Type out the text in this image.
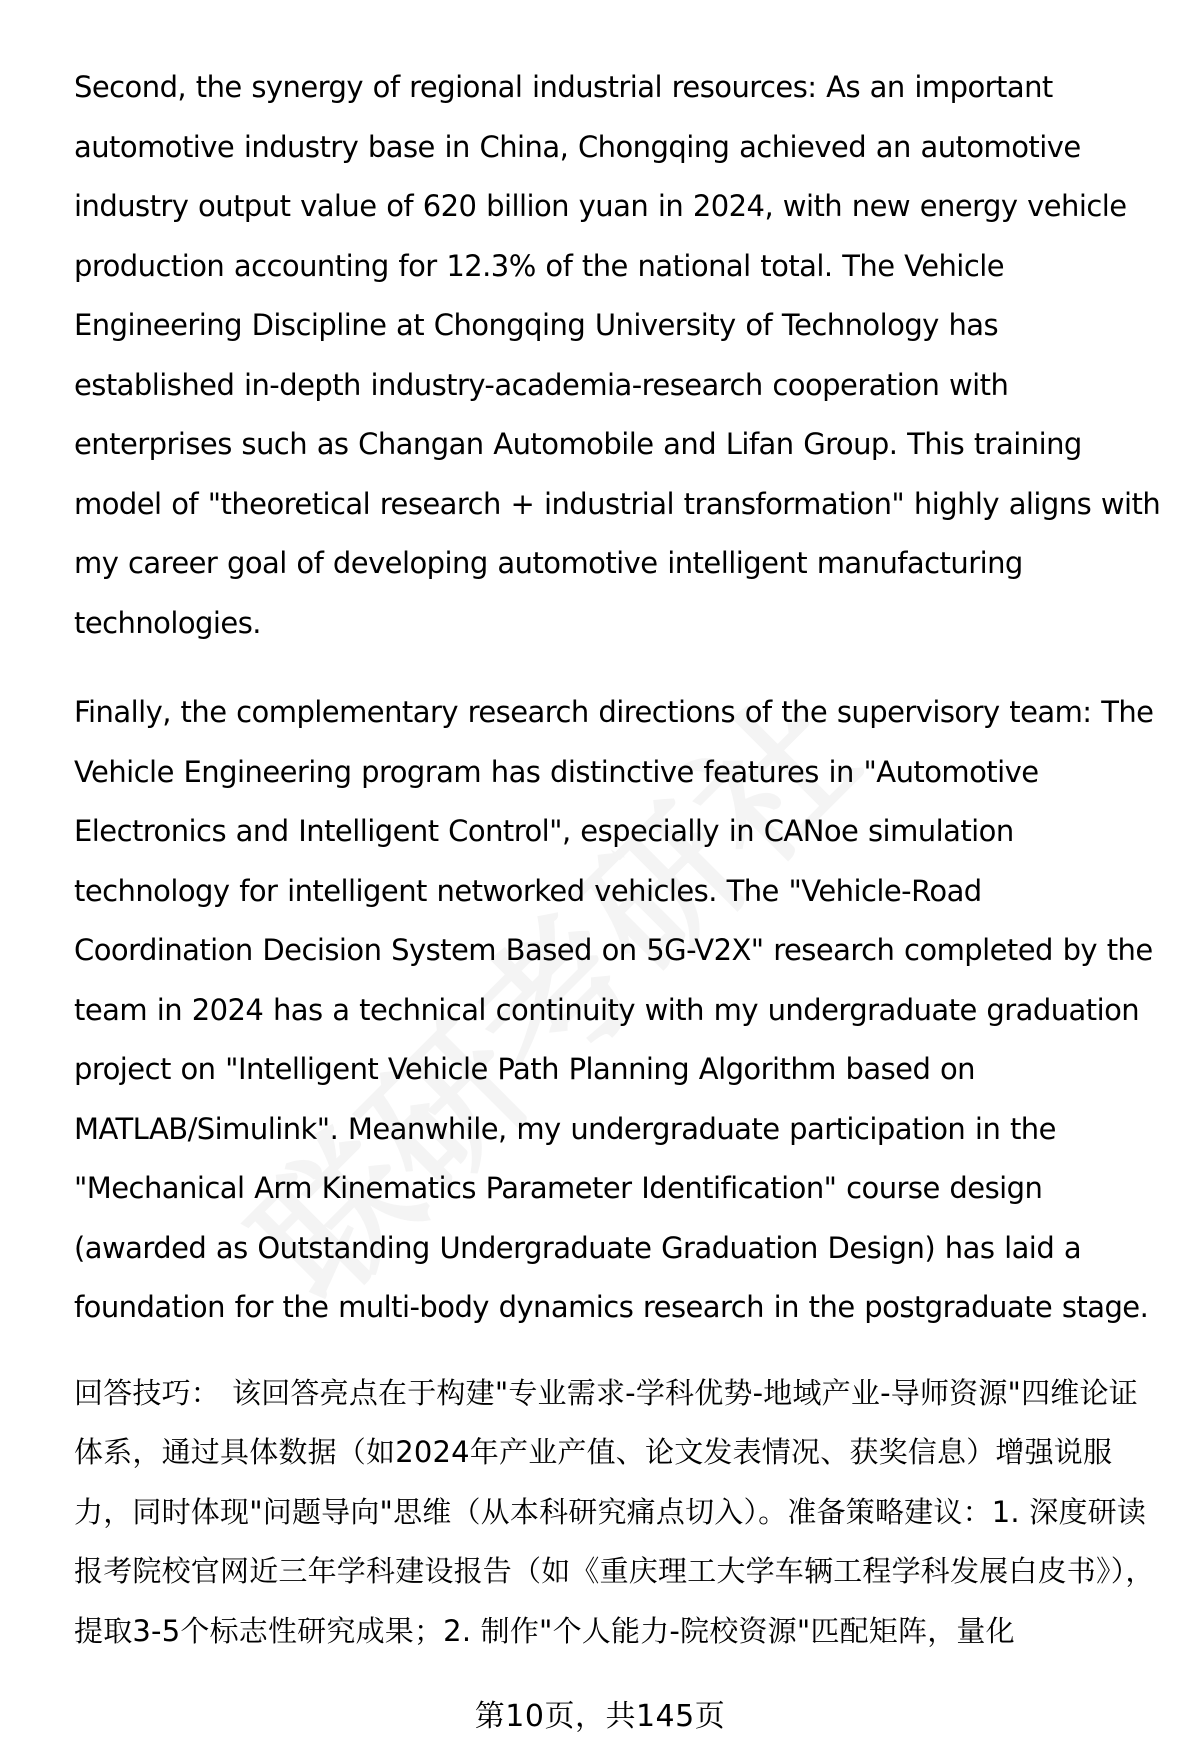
Second, the synergy of regional industrial resources: As an important automotive industry base in China, Chongqing achieved an automotive industry output value of 620 billion yuan in 2024, with new energy vehicle production accounting for 12.3% of the national total. The Vehicle Engineering Discipline at Chongqing University of Technology has established in-depth industry-academia-research cooperation with enterprises such as Changan Automobile and Lifan Group. This training model of "theoretical research + industrial transformation" highly aligns with my career goal of developing automotive intelligent manufacturing technologies.

Finally, the complementary research directions of the supervisory team: The Vehicle Engineering program has distinctive features in "Automotive Electronics and Intelligent Control", especially in CANoe simulation technology for intelligent networked vehicles. The "Vehicle-Road Coordination Decision System Based on 5G-V2X" research completed by the team in 2024 has a technical continuity with my undergraduate graduation project on "Intelligent Vehicle Path Planning Algorithm based on MATLAB/Simulink". Meanwhile, my undergraduate participation in the "Mechanical Arm Kinematics Parameter Identification" course design (awarded as Outstanding Undergraduate Graduation Design) has laid a foundation for the multi-body dynamics research in the postgraduate stage.

回答技巧： 该回答亮点在于构建"专业需求-学科优势-地域产业-导师资源"四维论证体系，通过具体数据（如2024年产业产值、论文发表情况、获奖信息）增强说服力，同时体现"问题导向"思维（从本科研究痛点切入）。准备策略建议：1. 深度研读报考院校官网近三年学科建设报告（如《重庆理工大学车辆工程学科发展白皮书》），提取3-5个标志性研究成果；2. 制作"个人能力-院校资源"匹配矩阵，量化

第10页，共145页
